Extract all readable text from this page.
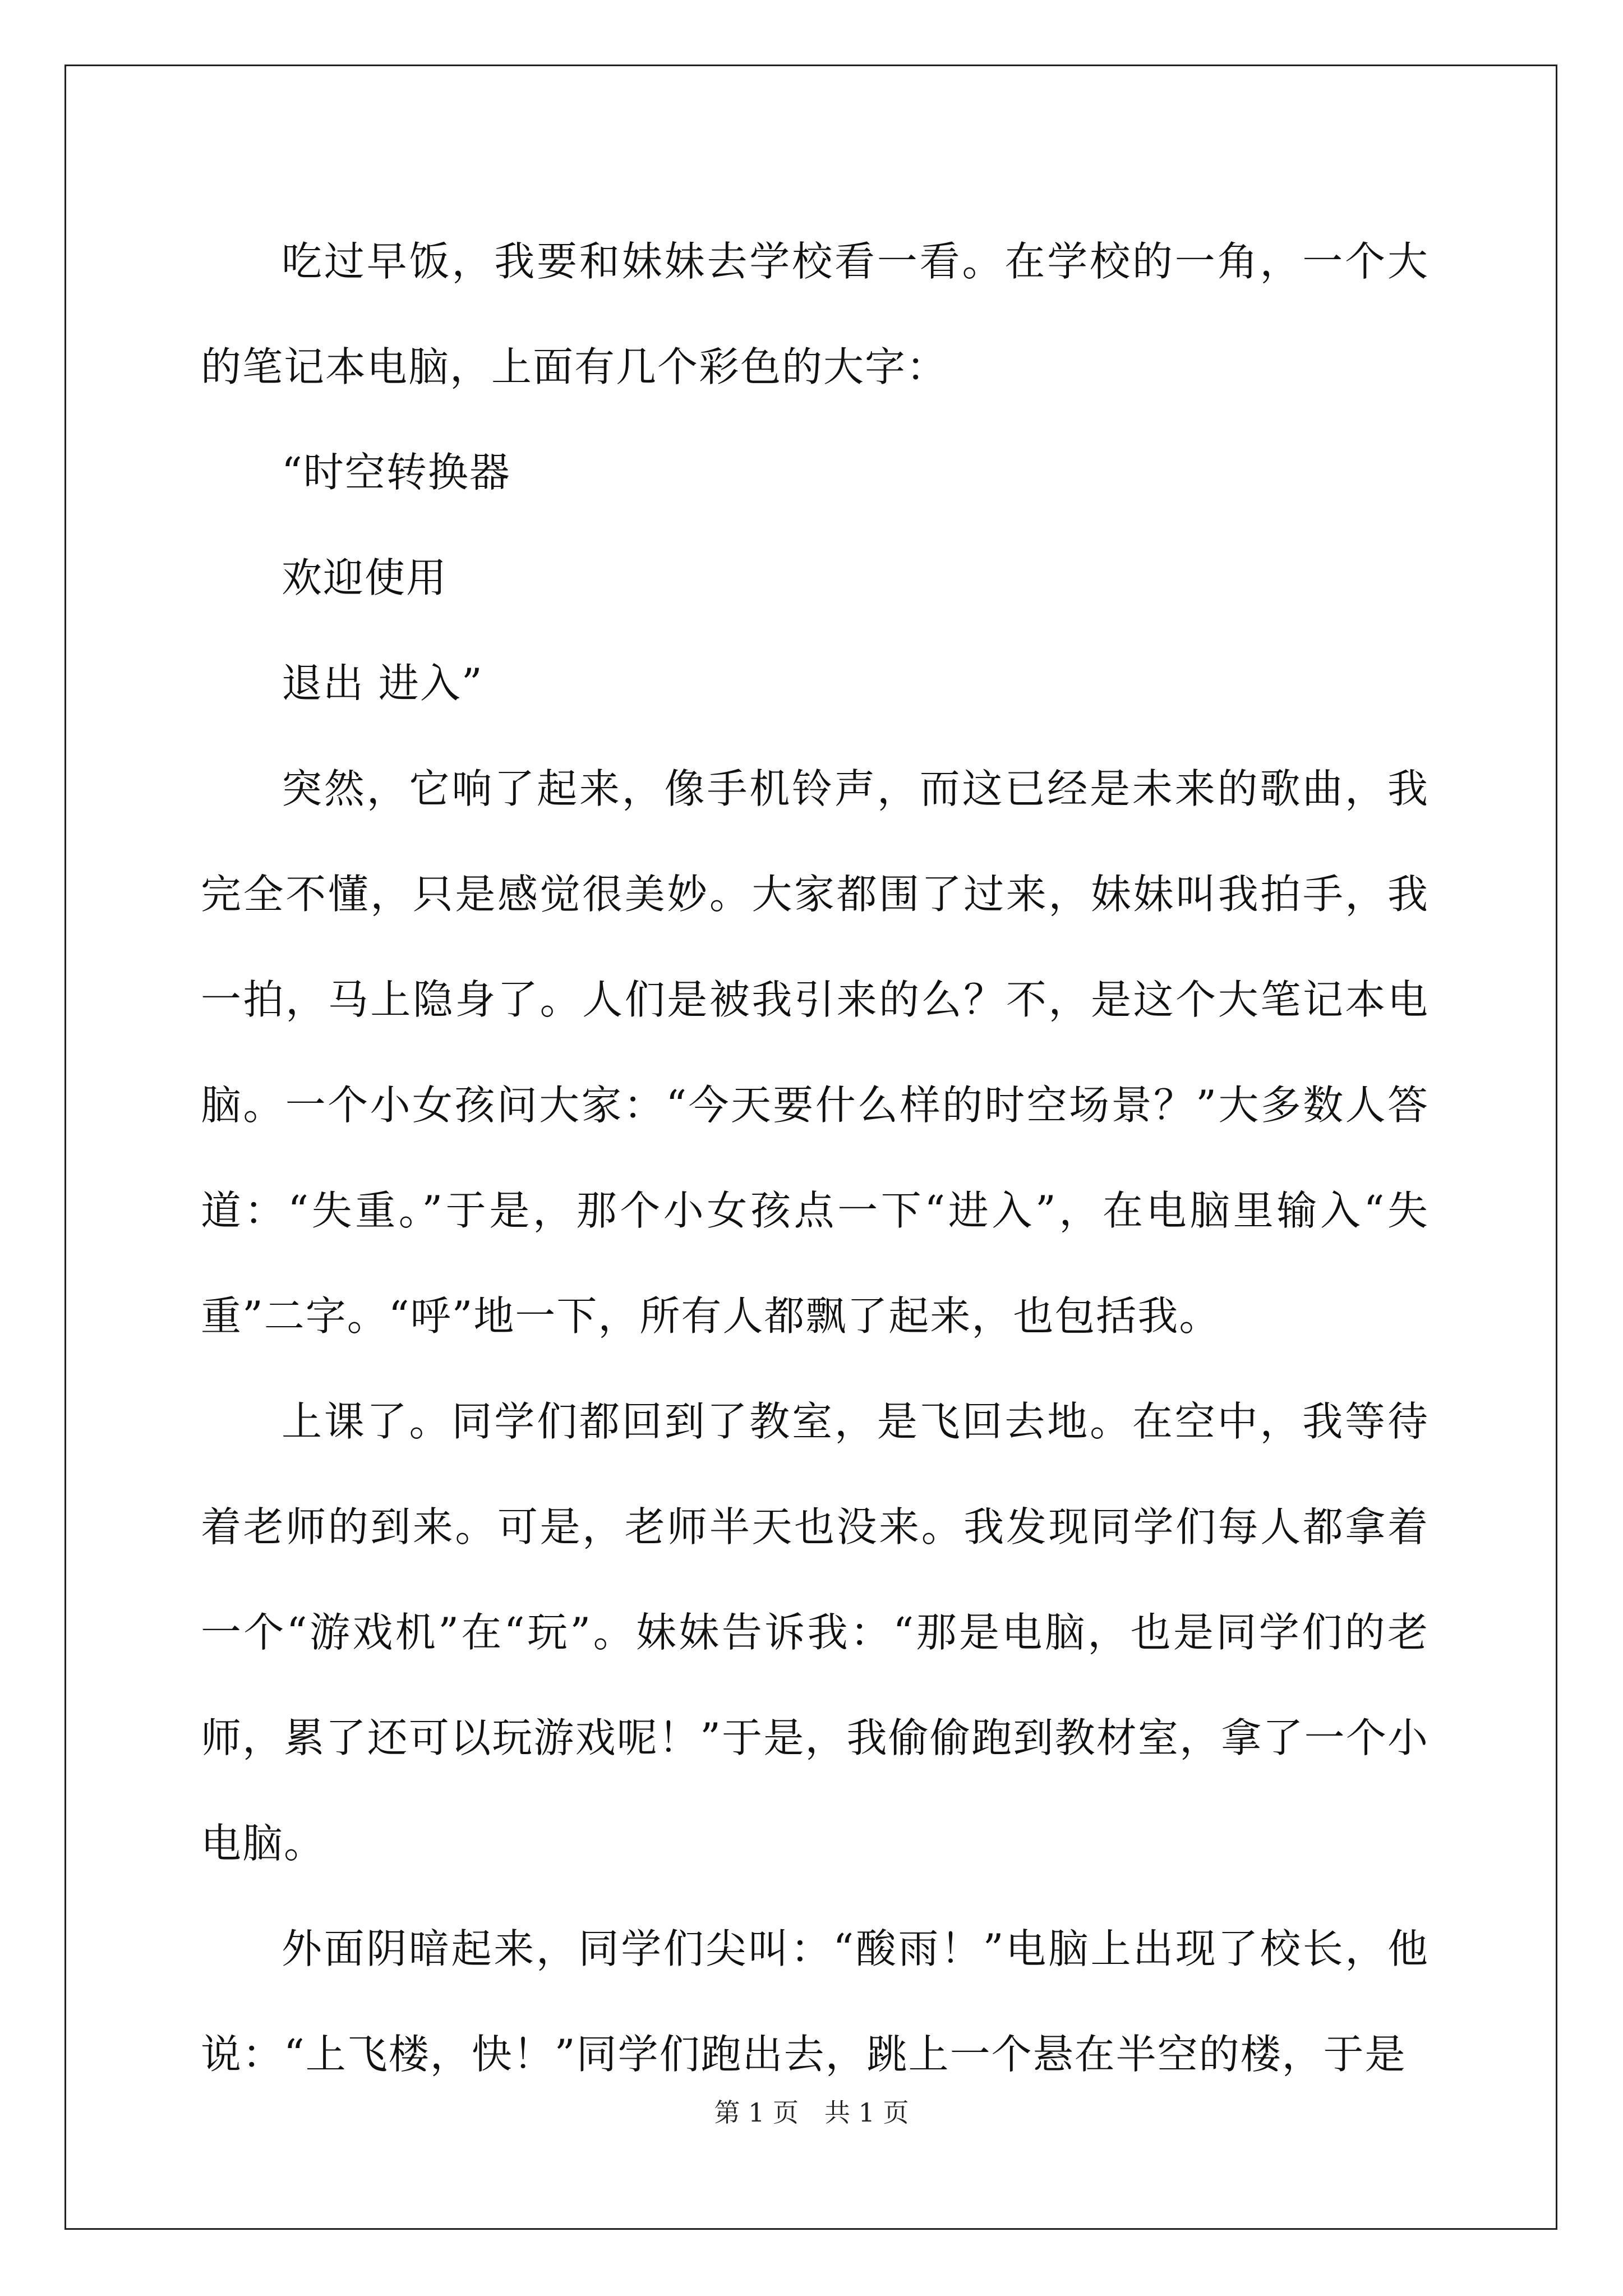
吃过早饭，我要和妹妹去学校看一看。在学校的一角，一个大的笔记本电脑，上面有几个彩色的大字：

“时空转换器

欢迎使用

退出 进入”

突然，它响了起来，像手机铃声，而这已经是未来的歌曲，我完全不懂，只是感觉很美妙。大家都围了过来，妹妹叫我拍手，我一拍，马上隐身了。人们是被我引来的么？不，是这个大笔记本电脑。一个小女孩问大家：“今天要什么样的时空场景？”大多数人答道：“失重。”于是，那个小女孩点一下“进入”，在电脑里输入“失重”二字。“呼”地一下，所有人都飘了起来，也包括我。

上课了。同学们都回到了教室，是飞回去地。在空中，我等待着老师的到来。可是，老师半天也没来。我发现同学们每人都拿着一个“游戏机”在“玩”。妹妹告诉我：“那是电脑，也是同学们的老师，累了还可以玩游戏呢！”于是，我偷偷跑到教材室，拿了一个小电脑。

外面阴暗起来，同学们尖叫：“酸雨！”电脑上出现了校长，他说：“上飞楼，快！”同学们跑出去，跳上一个悬在半空的楼，于是

第 1 页　共 1 页
